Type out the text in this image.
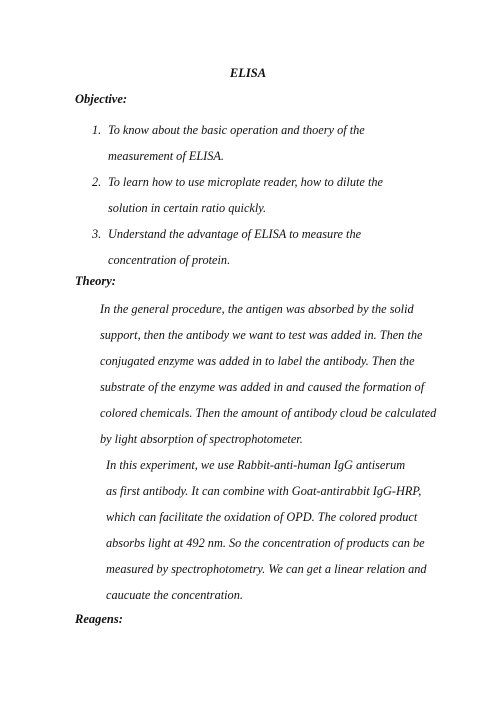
ELISA
Objective:
1. To know about the basic operation and thoery of the
measurement of ELISA.
2. To learn how to use microplate reader, how to dilute the
solution in certain ratio quickly.
3. Understand the advantage of ELISA to measure the
concentration of protein.
Theory:

In the general procedure, the antigen was absorbed by the solid
support, then the antibody we want to test was added in. Then the
conjugated enzyme was added in to label the antibody. Then the
substrate of the enzyme was added in and caused the formation of
colored chemicals. Then the amount of antibody cloud be calculated
by light absorption of spectrophotometer.

In this experiment, we use Rabbit-anti-human IgG antiserum
as first antibody. It can combine with Goat-antirabbit IgG-HRP,
which can facilitate the oxidation of OPD. The colored product
absorbs light at 492 nm. So the concentration of products can be
measured by spectrophotometry. We can get a linear relation and
caucuate the concentration.

Reagens:
